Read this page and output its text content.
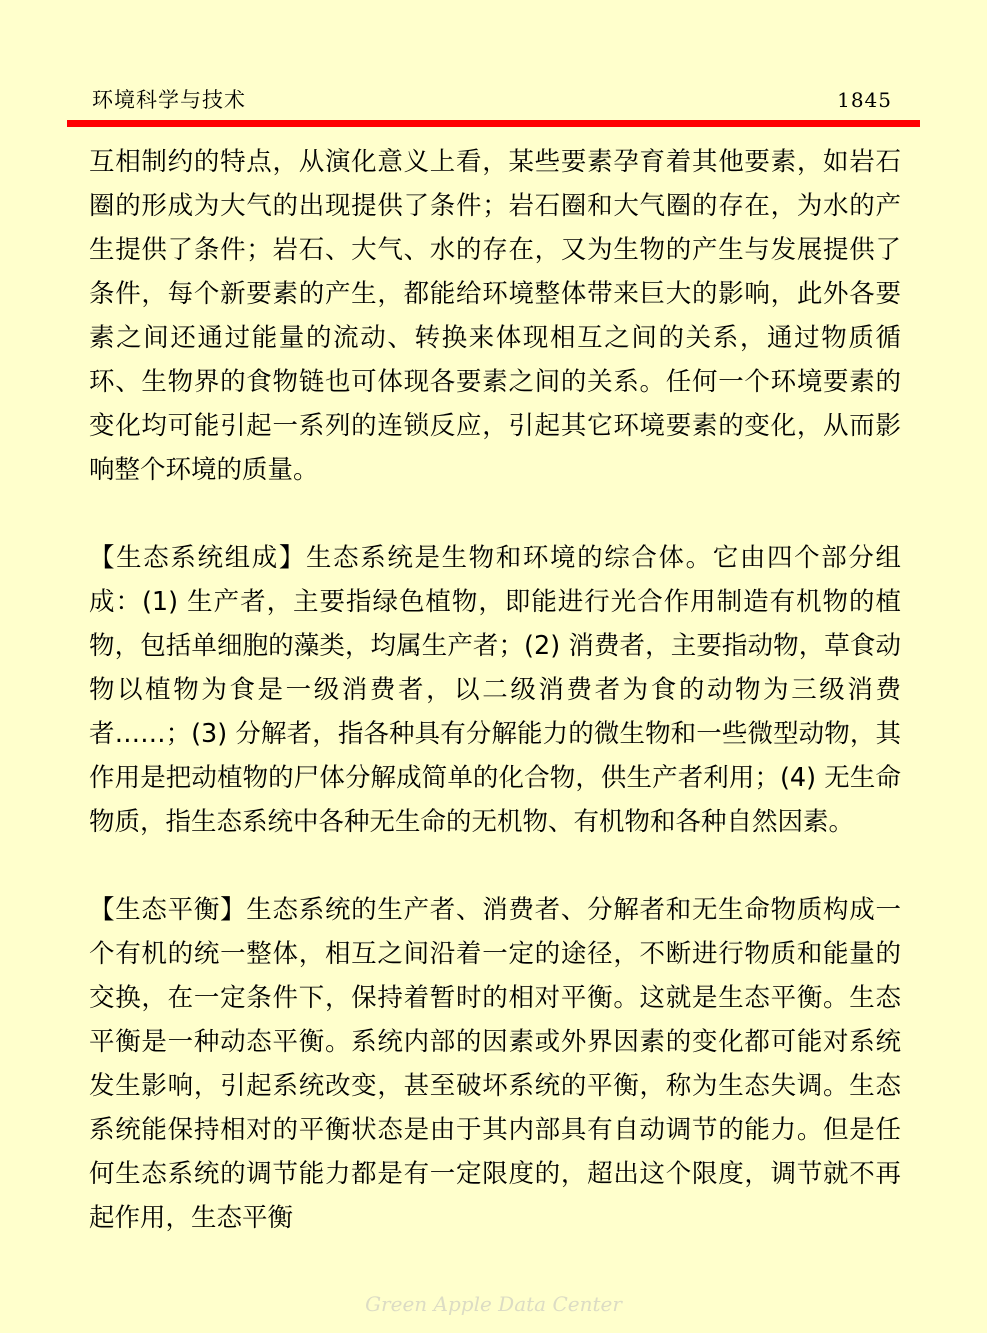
环境科学与技术	1845

互相制约的特点，从演化意义上看，某些要素孕育着其他要素，如岩石圈的形成为大气的出现提供了条件；岩石圈和大气圈的存在，为水的产生提供了条件；岩石、大气、水的存在，又为生物的产生与发展提供了条件，每个新要素的产生，都能给环境整体带来巨大的影响，此外各要素之间还通过能量的流动、转换来体现相互之间的关系，通过物质循环、生物界的食物链也可体现各要素之间的关系。任何一个环境要素的变化均可能引起一系列的连锁反应，引起其它环境要素的变化，从而影响整个环境的质量。

【生态系统组成】生态系统是生物和环境的综合体。它由四个部分组成：(1) 生产者，主要指绿色植物，即能进行光合作用制造有机物的植物，包括单细胞的藻类，均属生产者；(2) 消费者，主要指动物，草食动物以植物为食是一级消费者，以二级消费者为食的动物为三级消费者……；(3) 分解者，指各种具有分解能力的微生物和一些微型动物，其作用是把动植物的尸体分解成简单的化合物，供生产者利用；(4) 无生命物质，指生态系统中各种无生命的无机物、有机物和各种自然因素。

【生态平衡】生态系统的生产者、消费者、分解者和无生命物质构成一个有机的统一整体，相互之间沿着一定的途径，不断进行物质和能量的交换，在一定条件下，保持着暂时的相对平衡。这就是生态平衡。生态平衡是一种动态平衡。系统内部的因素或外界因素的变化都可能对系统发生影响，引起系统改变，甚至破坏系统的平衡，称为生态失调。生态系统能保持相对的平衡状态是由于其内部具有自动调节的能力。但是任何生态系统的调节能力都是有一定限度的，超出这个限度，调节就不再起作用，生态平衡

Green Apple Data Center
